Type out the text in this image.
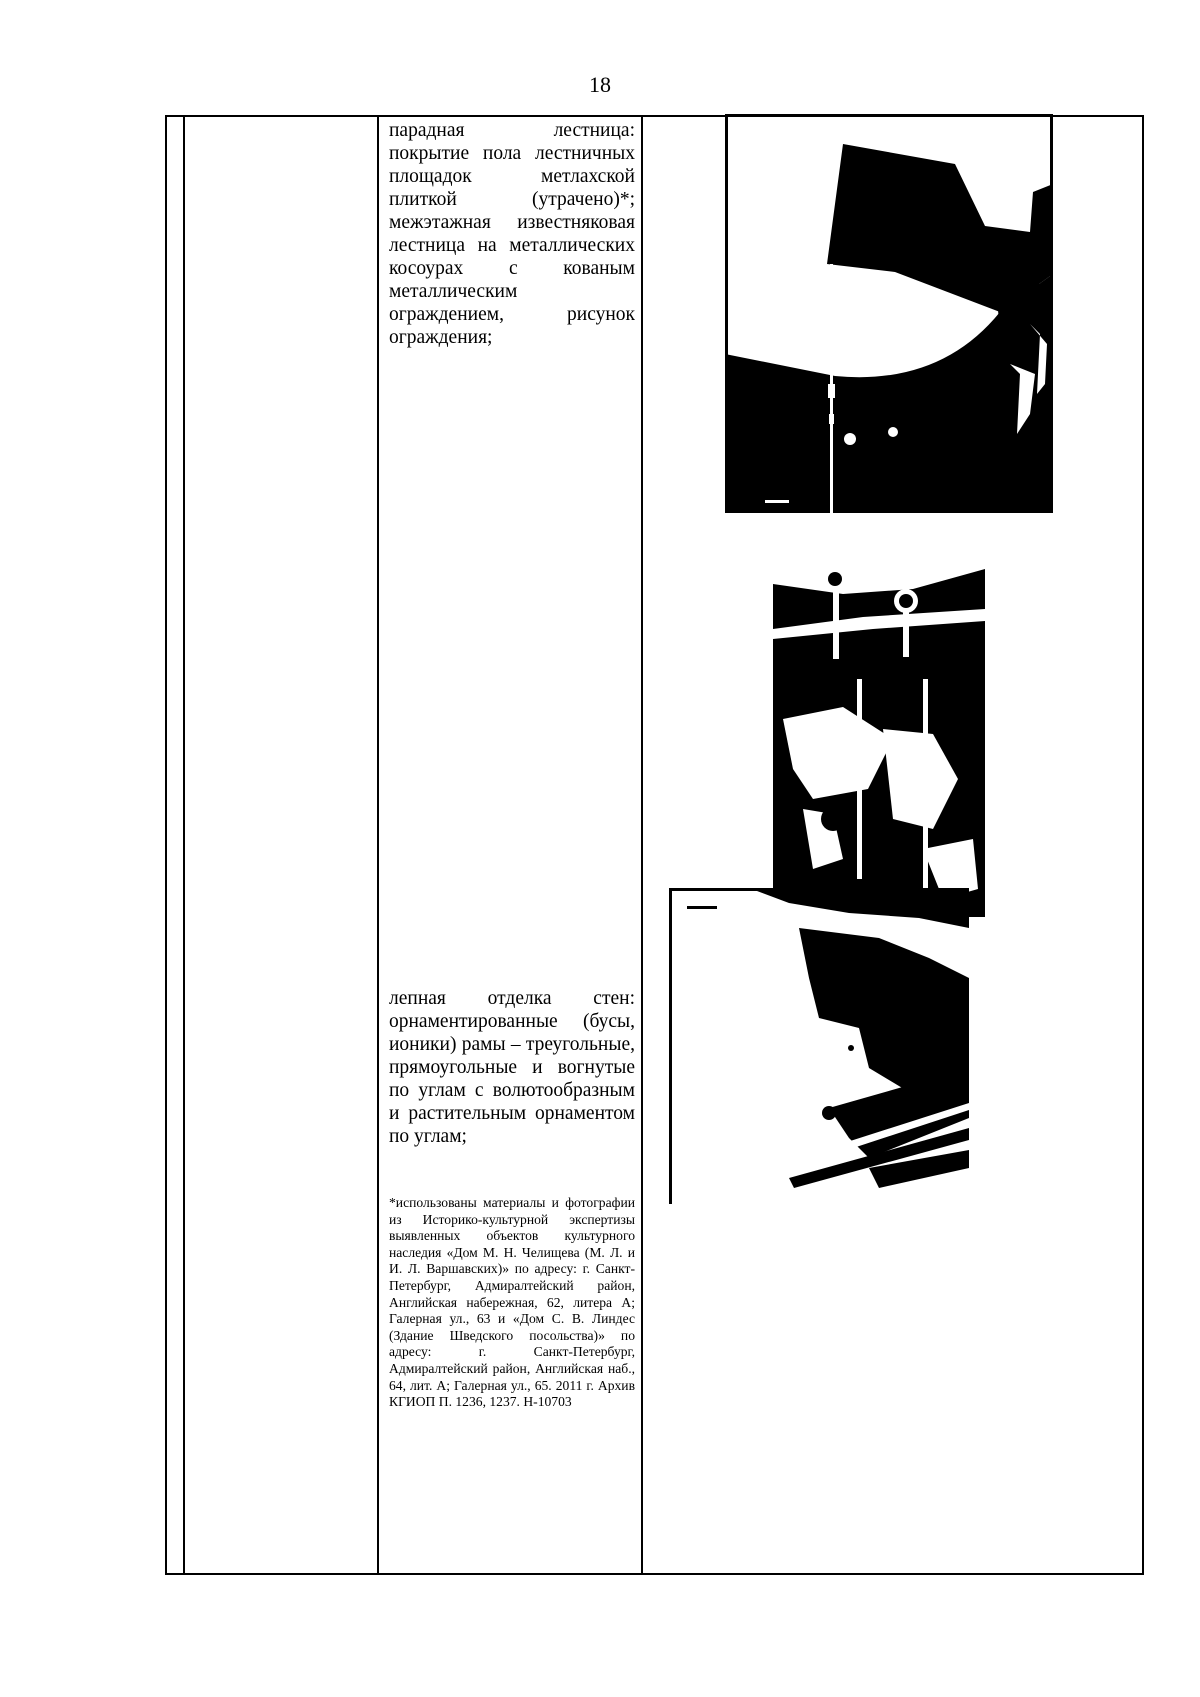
18
парадная лестница: покрытие пола лестничных площадок метлахской плиткой (утрачено)*; межэтажная известняковая лестница на металлических косоурах с кованым металлическим ограждением, рисунок ограждения;
лепная отделка стен: орнаментированные (бусы, ионики) рамы – треугольные, прямоугольные и вогнутые по углам с волютообразным и растительным орнаментом по углам;
*использованы материалы и фотографии из Историко-культурной экспертизы выявленных объектов культурного наследия «Дом М. Н. Челищева (М. Л. и И. Л. Варшавских)» по адресу: г. Санкт-Петербург, Адмиралтейский район, Английская набережная, 62, литера А; Галерная ул., 63 и «Дом С. В. Линдес (Здание Шведского посольства)» по адресу: г. Санкт-Петербург, Адмиралтейский район, Английская наб., 64, лит. А; Галерная ул., 65. 2011 г. Архив КГИОП П. 1236, 1237. Н-10703
